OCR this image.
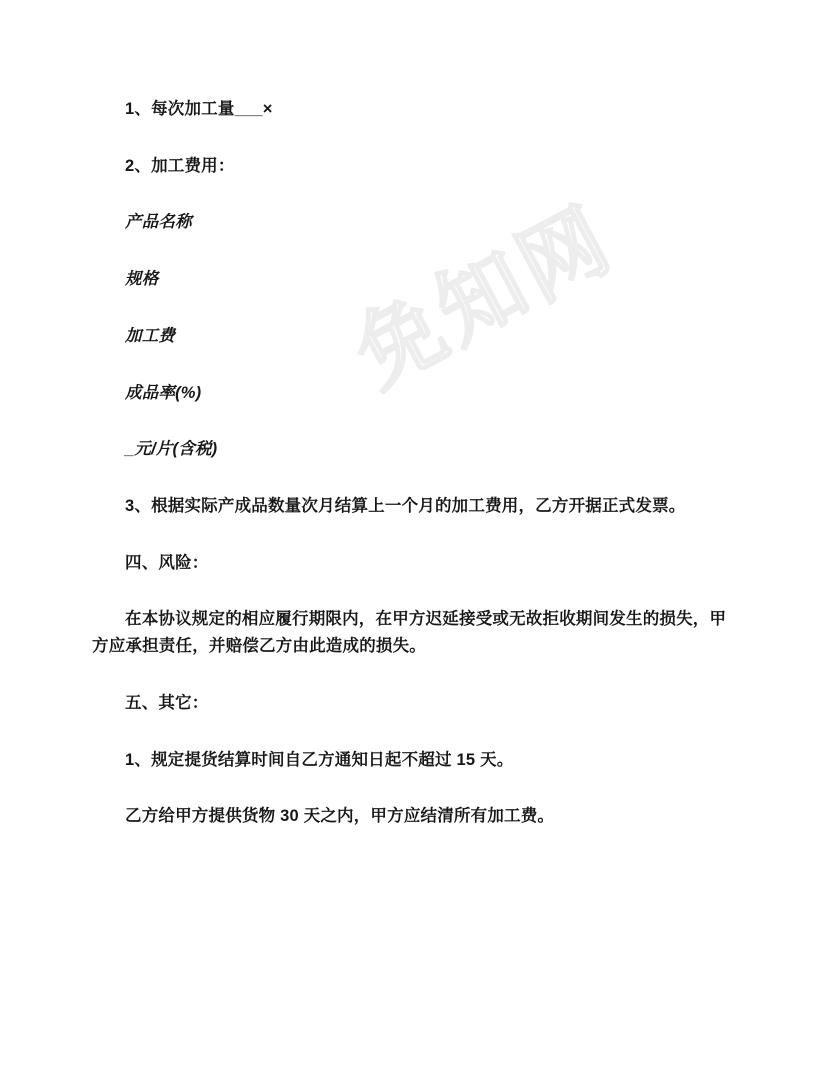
免知网

1、每次加工量___×

2、加工费用：

产品名称

规格

加工费

成品率(%)

_元/片(含税)

3、根据实际产成品数量次月结算上一个月的加工费用，乙方开据正式发票。

四、风险：

在本协议规定的相应履行期限内，在甲方迟延接受或无故拒收期间发生的损失，甲方应承担责任，并赔偿乙方由此造成的损失。

五、其它：

1、规定提货结算时间自乙方通知日起不超过 15 天。

乙方给甲方提供货物 30 天之内，甲方应结清所有加工费。
